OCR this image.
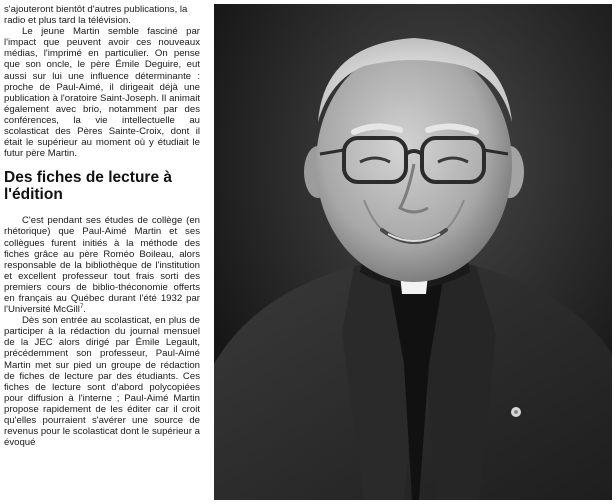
s'ajouteront bientôt d'autres publications, la radio et plus tard la télévision.

Le jeune Martin semble fasciné par l'impact que peuvent avoir ces nouveaux médias, l'imprimé en particulier. On pense que son oncle, le père Émile Deguire, eut aussi sur lui une influence déterminante : proche de Paul-Aimé, il dirigeait déjà une publication à l'oratoire Saint-Joseph. Il animait également avec brio, notamment par des conférences, la vie intellectuelle au scolasticat des Pères Sainte-Croix, dont il était le supérieur au moment où y étudiait le futur père Martin.

Des fiches de lecture à l'édition

C'est pendant ses études de collège (en rhétorique) que Paul-Aimé Martin et ses collègues furent initiés à la méthode des fiches grâce au père Roméo Boileau, alors responsable de la bibliothèque de l'institution et excellent professeur tout frais sorti des premiers cours de biblio-théconomie offerts en français au Québec durant l'été 1932 par l'Université McGill$^7$.

Dès son entrée au scolasticat, en plus de participer à la rédaction du journal mensuel de la JEC alors dirigé par Émile Legault, précédemment son professeur, Paul-Aimé Martin met sur pied un groupe de rédaction de fiches de lecture par des étudiants. Ces fiches de lecture sont d'abord polycopiées pour diffusion à l'interne ; Paul-Aimé Martin propose rapidement de les éditer car il croit qu'elles pourraient s'avérer une source de revenus pour le scolasticat dont le supérieur a évoqué
